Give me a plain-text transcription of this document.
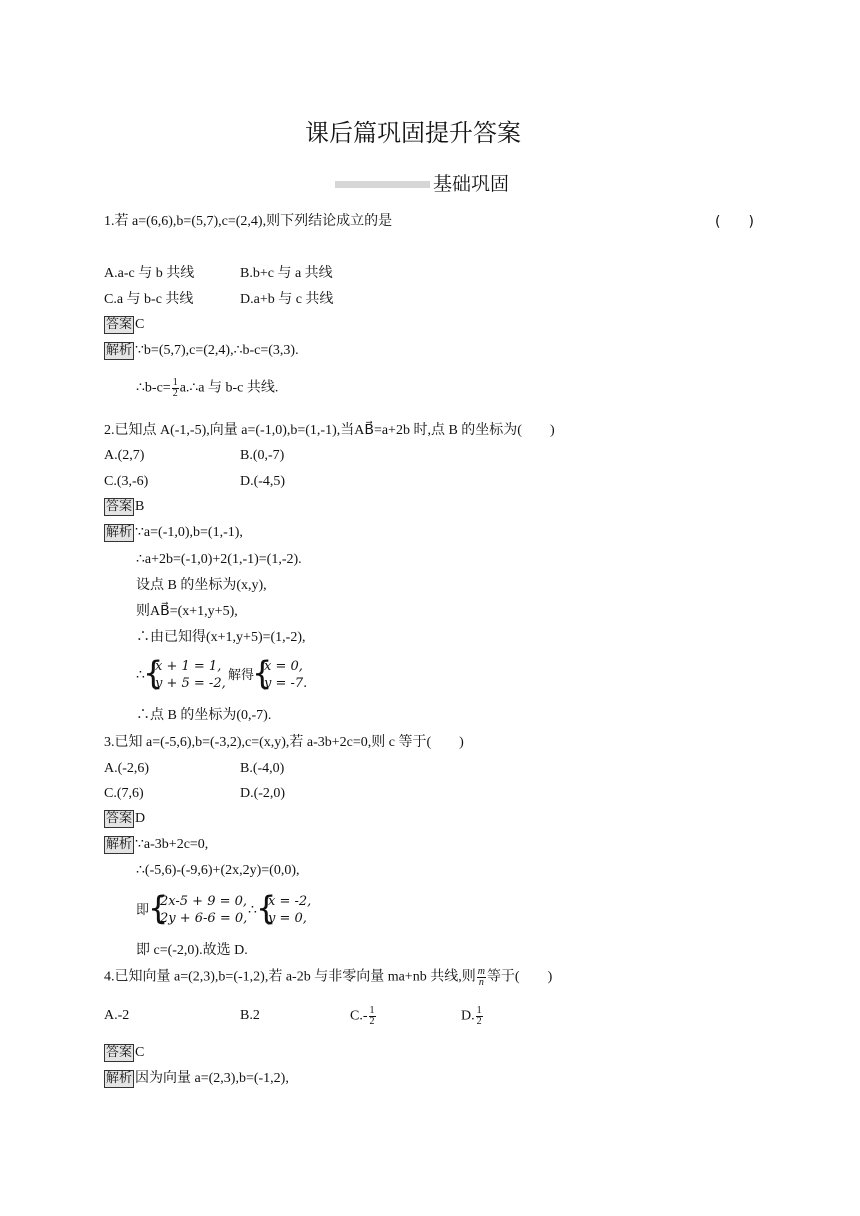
课后篇巩固提升答案
基础巩固
1.若 a=(6,6),b=(5,7),c=(2,4),则下列结论成立的是	(　　)
A.a-c 与 b 共线	B.b+c 与 a 共线
C.a 与 b-c 共线	D.a+b 与 c 共线
答案 C
解析 ∵b=(5,7),c=(2,4),∴b-c=(3,3).
∴b-c= $\frac{1}{2}$ a.∴a 与 b-c 共线.
2.已知点 A(-1,-5),向量 a=(-1,0),b=(1,-1),当AB⃗=a+2b 时,点 B 的坐标为(　　)
A.(2,7)	B.(0,-7)
C.(3,-6)	D.(-4,5)
答案 B
解析 ∵a=(-1,0),b=(1,-1),
∴a+2b=(-1,0)+2(1,-1)=(1,-2).
设点 B 的坐标为(x,y),
则AB⃗=(x+1,y+5),
∴由已知得(x+1,y+5)=(1,-2),
∴
{
x + 1 = 1,
y + 5 = -2,
解得
{
x = 0,
y = -7.
∴点 B 的坐标为(0,-7).
3.已知 a=(-5,6),b=(-3,2),c=(x,y),若 a-3b+2c=0,则 c 等于(　　)
A.(-2,6)	B.(-4,0)
C.(7,6)	D.(-2,0)
答案 D
解析 ∵a-3b+2c=0,
∴(-5,6)-(-9,6)+(2x,2y)=(0,0),
即
{
2x-5 + 9 = 0,
2y + 6-6 = 0,
∴ {
x = -2,
y = 0,
即 c=(-2,0).故选 D.
4.已知向量 a=(2,3),b=(-1,2),若 a-2b 与非零向量 ma+nb 共线,则 $\frac{m}{n}$ 等于(　　)
A.-2	B.2	$C.- \frac{1}{2}$	D. $\frac{1}{2}$
答案 C
解析 因为向量 a=(2,3),b=(-1,2),
